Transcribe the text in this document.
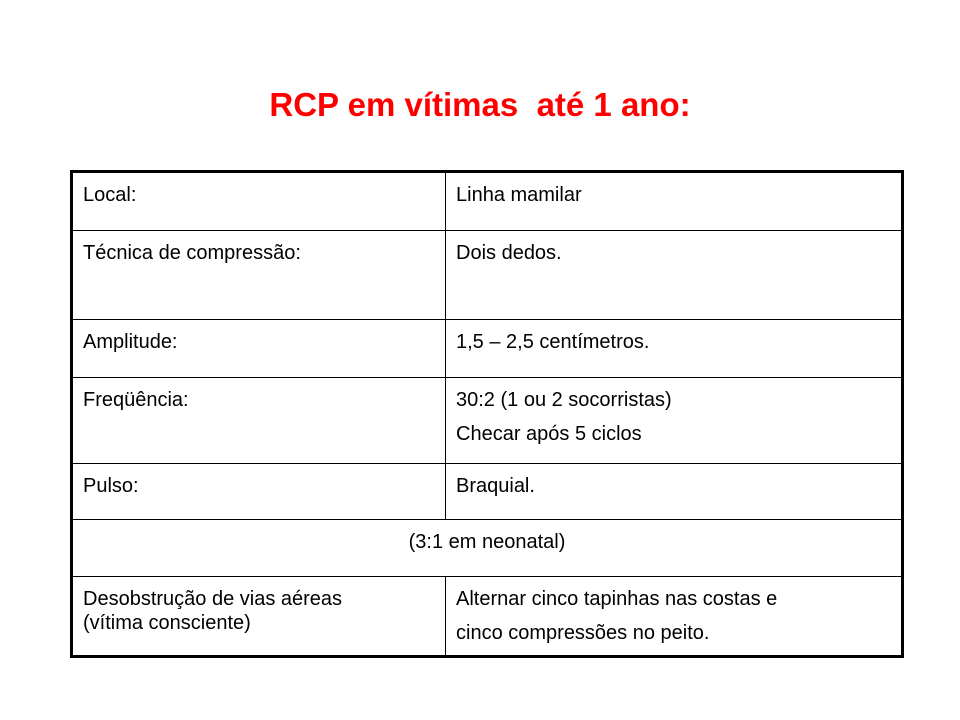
RCP em vítimas  até 1 ano:
Local:	Linha mamilar

Técnica de compressão:	Dois dedos.

Amplitude:	1,5 – 2,5 centímetros.

Freqüência:	30:2 (1 ou 2 socorristas)
Checar após 5 ciclos

Pulso:	Braquial.

(3:1 em neonatal)	

Desobstrução de vias aéreas
(vítima consciente)	Alternar cinco tapinhas nas costas e
cinco compressões no peito.
